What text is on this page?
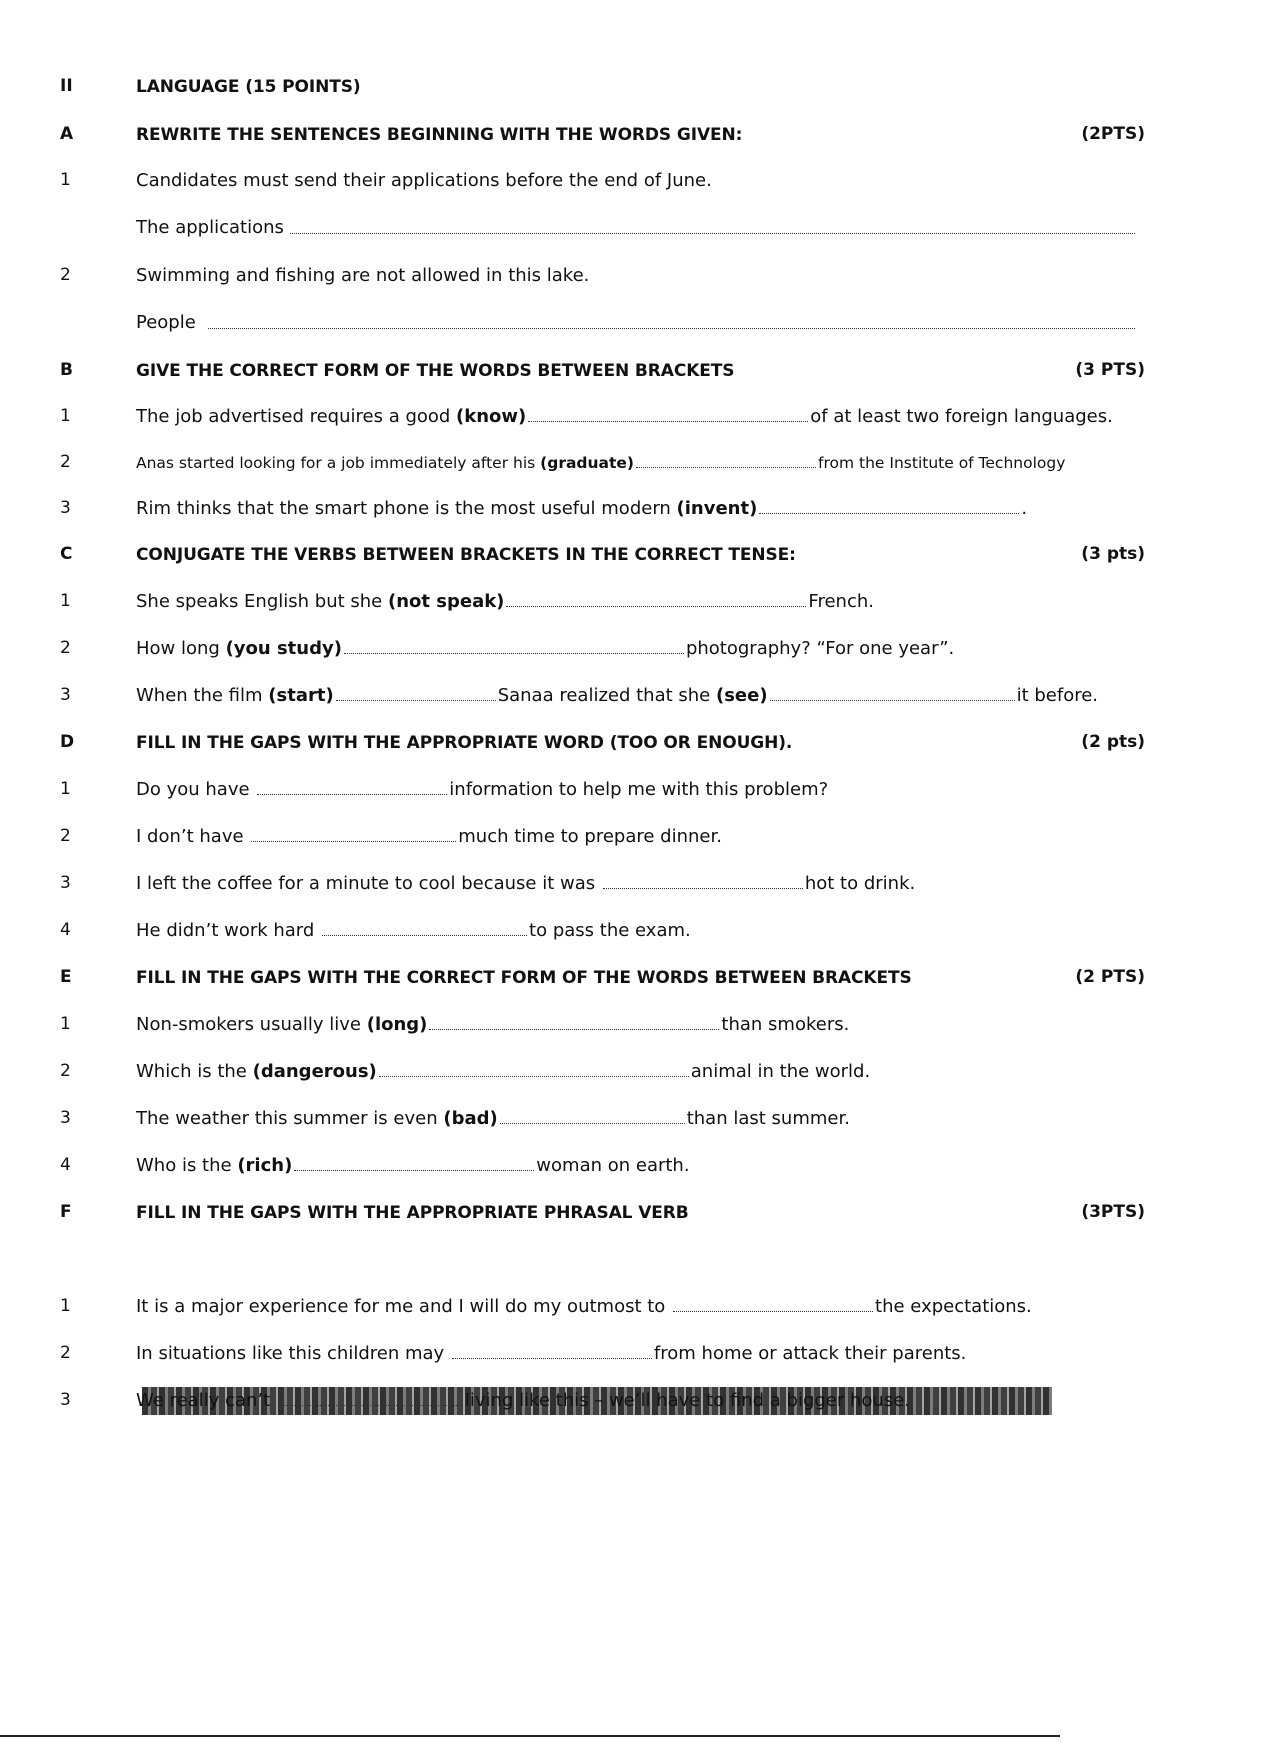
II	LANGUAGE (15 POINTS)
A	REWRITE THE SENTENCES BEGINNING WITH THE WORDS GIVEN:	(2PTS)
1	Candidates must send their applications before the end of June.
The applications
2	Swimming and fishing are not allowed in this lake.
People
B	GIVE THE CORRECT FORM OF THE WORDS BETWEEN BRACKETS	(3 PTS)
1	The job advertised requires a good (know)	of at least two foreign languages.
2	Anas started looking for a job immediately after his (graduate)	from the Institute of Technology
3	Rim thinks that the smart phone is the most useful modern (invent)	.
C	CONJUGATE THE VERBS BETWEEN BRACKETS IN THE CORRECT TENSE:	(3 pts)
1	She speaks English but she (not speak)	French.
2	How long (you study)	photography? “For one year”.
3	When the film (start)	Sanaa realized that she (see)	it before.
D	FILL IN THE GAPS WITH THE APPROPRIATE WORD (TOO OR ENOUGH).	(2 pts)
1	Do you have	information to help me with this problem?
2	I don’t have	much time to prepare dinner.
3	I left the coffee for a minute to cool because it was	hot to drink.
4	He didn’t work hard	to pass the exam.
E	FILL IN THE GAPS WITH THE CORRECT FORM OF THE WORDS BETWEEN BRACKETS	(2 PTS)
1	Non-smokers usually live (long)	than smokers.
2	Which is the (dangerous)	animal in the world.
3	The weather this summer is even (bad)	than last summer.
4	Who is the (rich)	woman on earth.
F	FILL IN THE GAPS WITH THE APPROPRIATE PHRASAL VERB	(3PTS)
1	It is a major experience for me and I will do my outmost to	the expectations.
2	In situations like this children may	from home or attack their parents.
3	We really can’t	living like this – we’ll have to find a bigger house.
